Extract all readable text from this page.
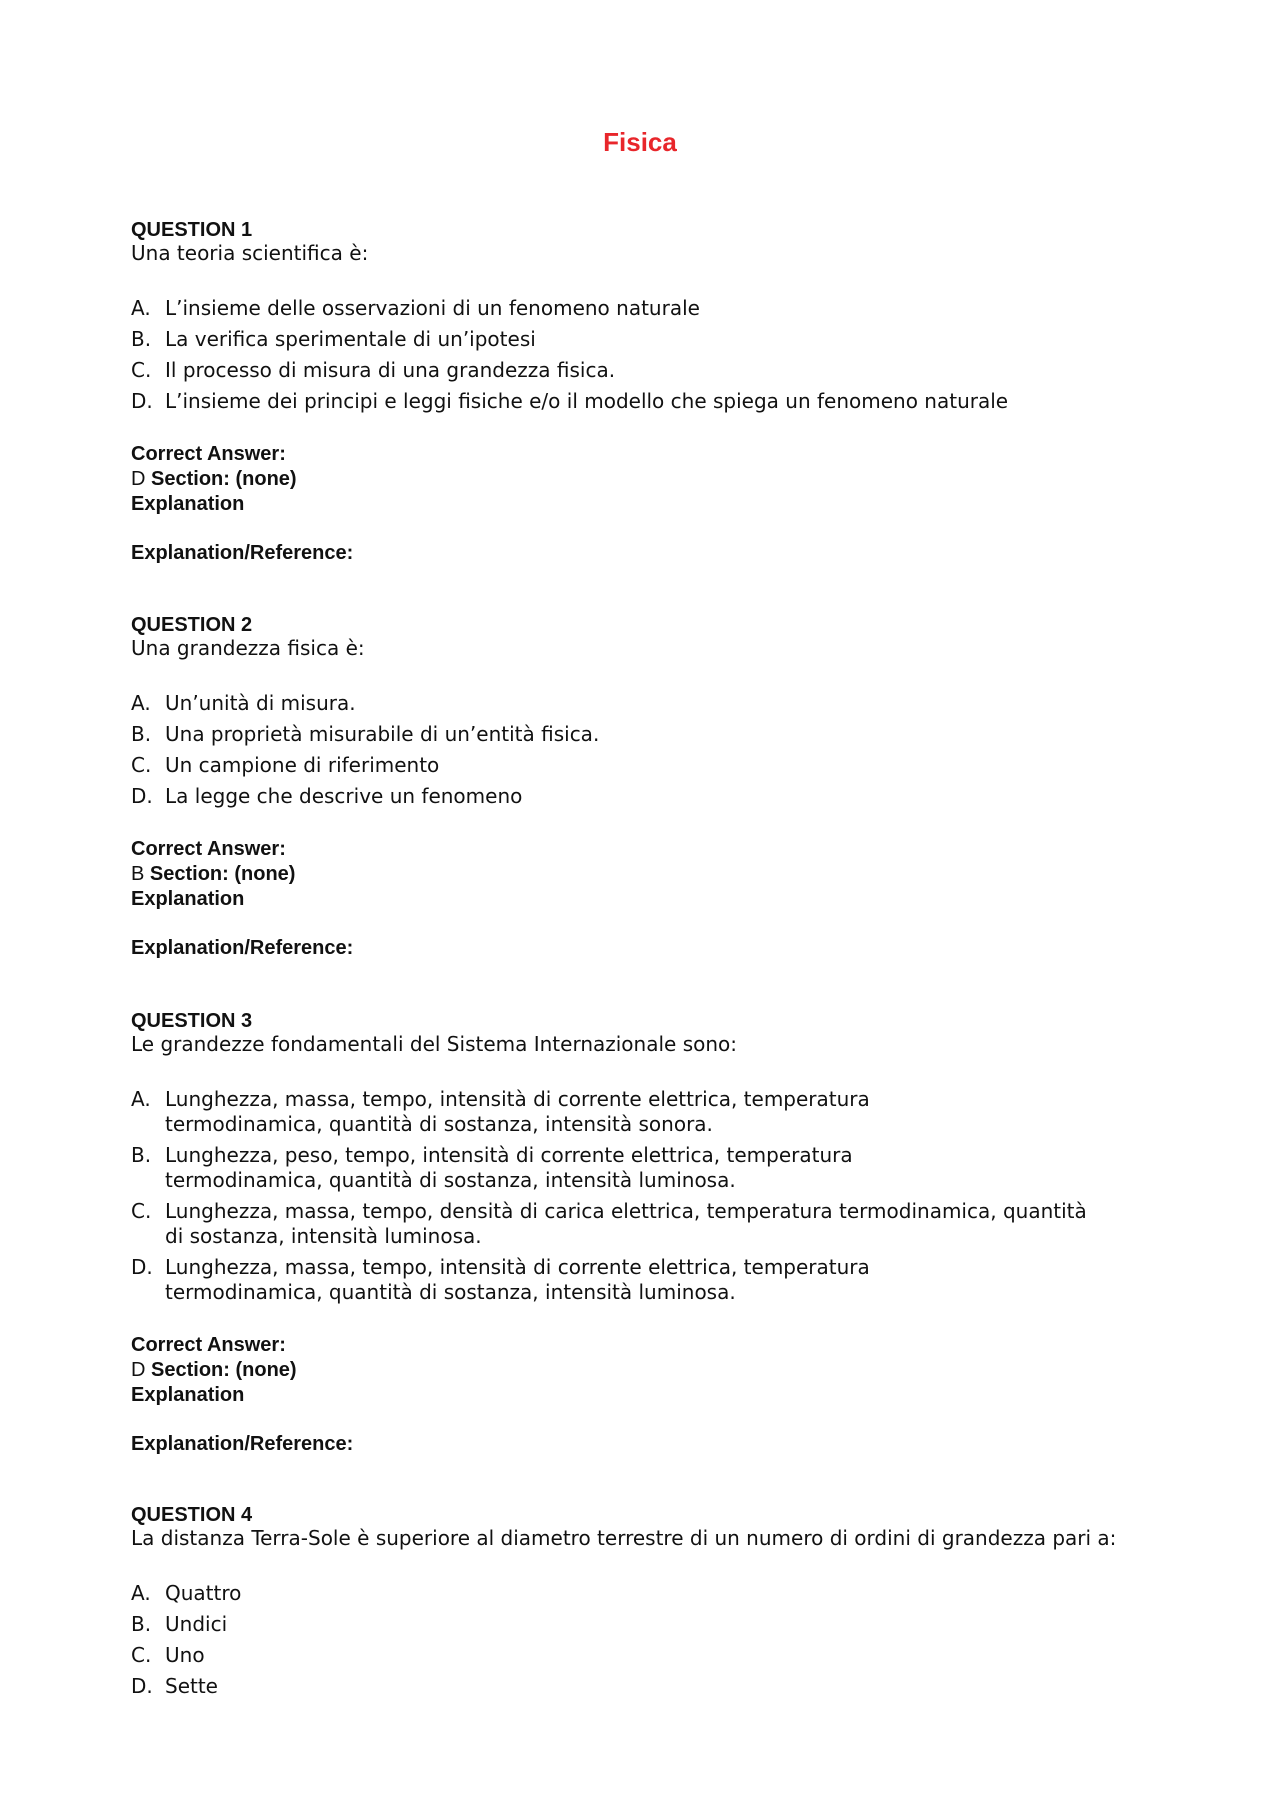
Fisica
QUESTION 1

Una teoria scientifica è:

A. L’insieme delle osservazioni di un fenomeno naturale
B. La verifica sperimentale di un’ipotesi
C. Il processo di misura di una grandezza fisica.
D. L’insieme dei principi e leggi fisiche e/o il modello che spiega un fenomeno naturale
Correct Answer:
D Section: (none)
Explanation
Explanation/Reference:
QUESTION 2

Una grandezza fisica è:

A. Un’unità di misura.
B. Una proprietà misurabile di un’entità fisica.
C. Un campione di riferimento
D. La legge che descrive un fenomeno
Correct Answer:
B Section: (none)
Explanation
Explanation/Reference:
QUESTION 3

Le grandezze fondamentali del Sistema Internazionale sono:

A. Lunghezza, massa, tempo, intensità di corrente elettrica, temperatura termodinamica, quantità di sostanza, intensità sonora.
B. Lunghezza, peso, tempo, intensità di corrente elettrica, temperatura termodinamica, quantità di sostanza, intensità luminosa.
C. Lunghezza, massa, tempo, densità di carica elettrica, temperatura termodinamica, quantità di sostanza, intensità luminosa.
D. Lunghezza, massa, tempo, intensità di corrente elettrica, temperatura termodinamica, quantità di sostanza, intensità luminosa.
Correct Answer:
D Section: (none)
Explanation
Explanation/Reference:
QUESTION 4

La distanza Terra-Sole è superiore al diametro terrestre di un numero di ordini di grandezza pari a:

A. Quattro
B. Undici
C. Uno
D. Sette
